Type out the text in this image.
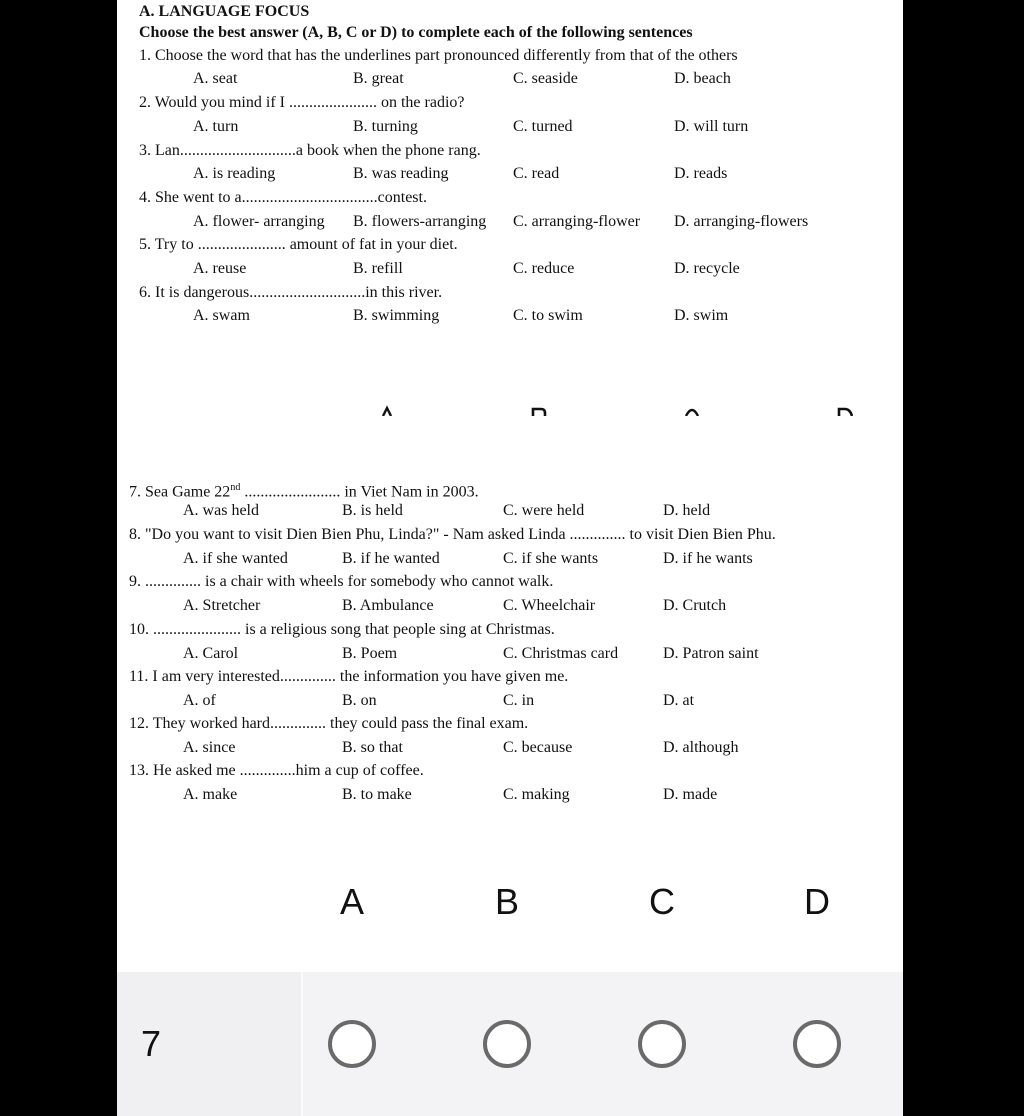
A. LANGUAGE FOCUS
Choose the best answer (A, B, C or D) to complete each of the following sentences
1. Choose the word that has the underlines part pronounced differently from that of the others
A. seat	B. great	C. seaside	D. beach
2. Would you mind if I ...................... on the radio?
A. turn	B. turning	C. turned	D. will turn
3. Lan.............................a book when the phone rang.
A. is reading	B. was reading	C. read	D. reads
4. She went to a..................................contest.
A. flower- arranging B. flowers-arranging C. arranging-flower D. arranging-flowers
5. Try to ...................... amount of fat in your diet.
A. reuse	B. refill	C. reduce	D. recycle
6. It is dangerous.............................in this river.
A. swam	B. swimming	C. to swim	D. swim
7. Sea Game 22nd ........................ in Viet Nam in 2003.
A. was held	B. is held	C. were held	D. held
8. "Do you want to visit Dien Bien Phu, Linda?" - Nam asked Linda .............. to visit Dien Bien Phu.
A. if she wanted	B. if he wanted	C. if she wants	D. if he wants
9. .............. is a chair with wheels for somebody who cannot walk.
A. Stretcher	B. Ambulance	C. Wheelchair	D. Crutch
10. ...................... is a religious song that people sing at Christmas.
A. Carol	B. Poem	C. Christmas card	D. Patron saint
11. I am very interested.............. the information you have given me.
A. of	B. on	C. in	D. at
12. They worked hard.............. they could pass the final exam.
A. since	B. so that	C. because	D. although
13. He asked me ..............him a cup of coffee.
A. make	B. to make	C. making	D. made
A	B	C	D
7
